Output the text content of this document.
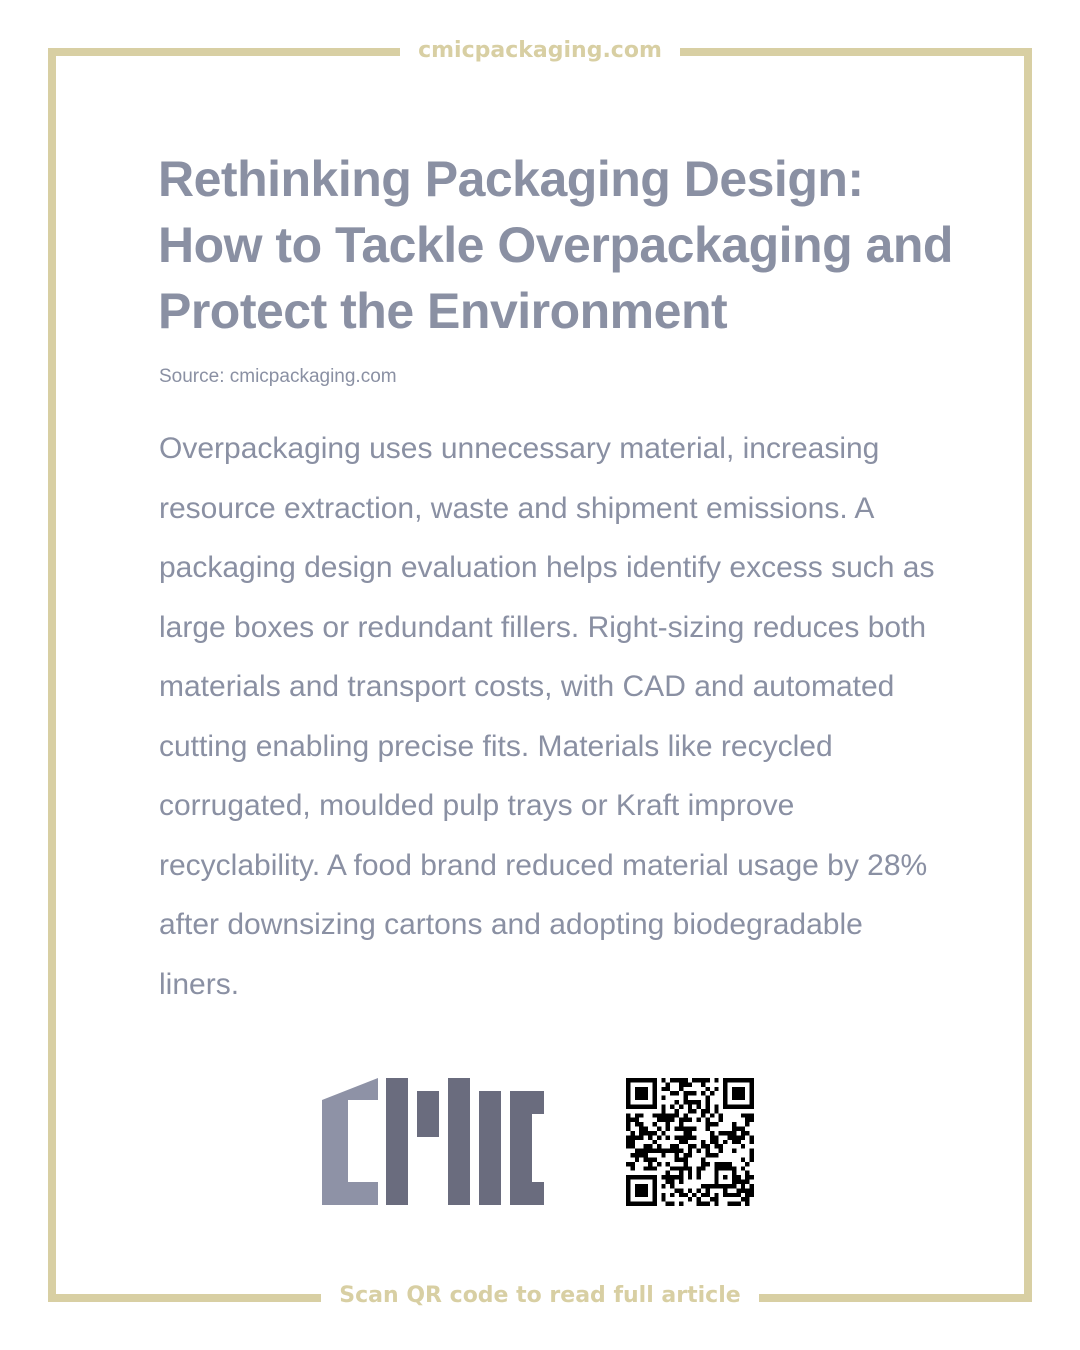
cmicpackaging.com
Rethinking Packaging Design: How to Tackle Overpackaging and Protect the Environment

Source: cmicpackaging.com

Overpackaging uses unnecessary material, increasing resource extraction, waste and shipment emissions. A packaging design evaluation helps identify excess such as large boxes or redundant fillers. Right-sizing reduces both materials and transport costs, with CAD and automated cutting enabling precise fits. Materials like recycled corrugated, moulded pulp trays or Kraft improve recyclability. A food brand reduced material usage by 28% after downsizing cartons and adopting biodegradable liners.

Scan QR code to read full article
